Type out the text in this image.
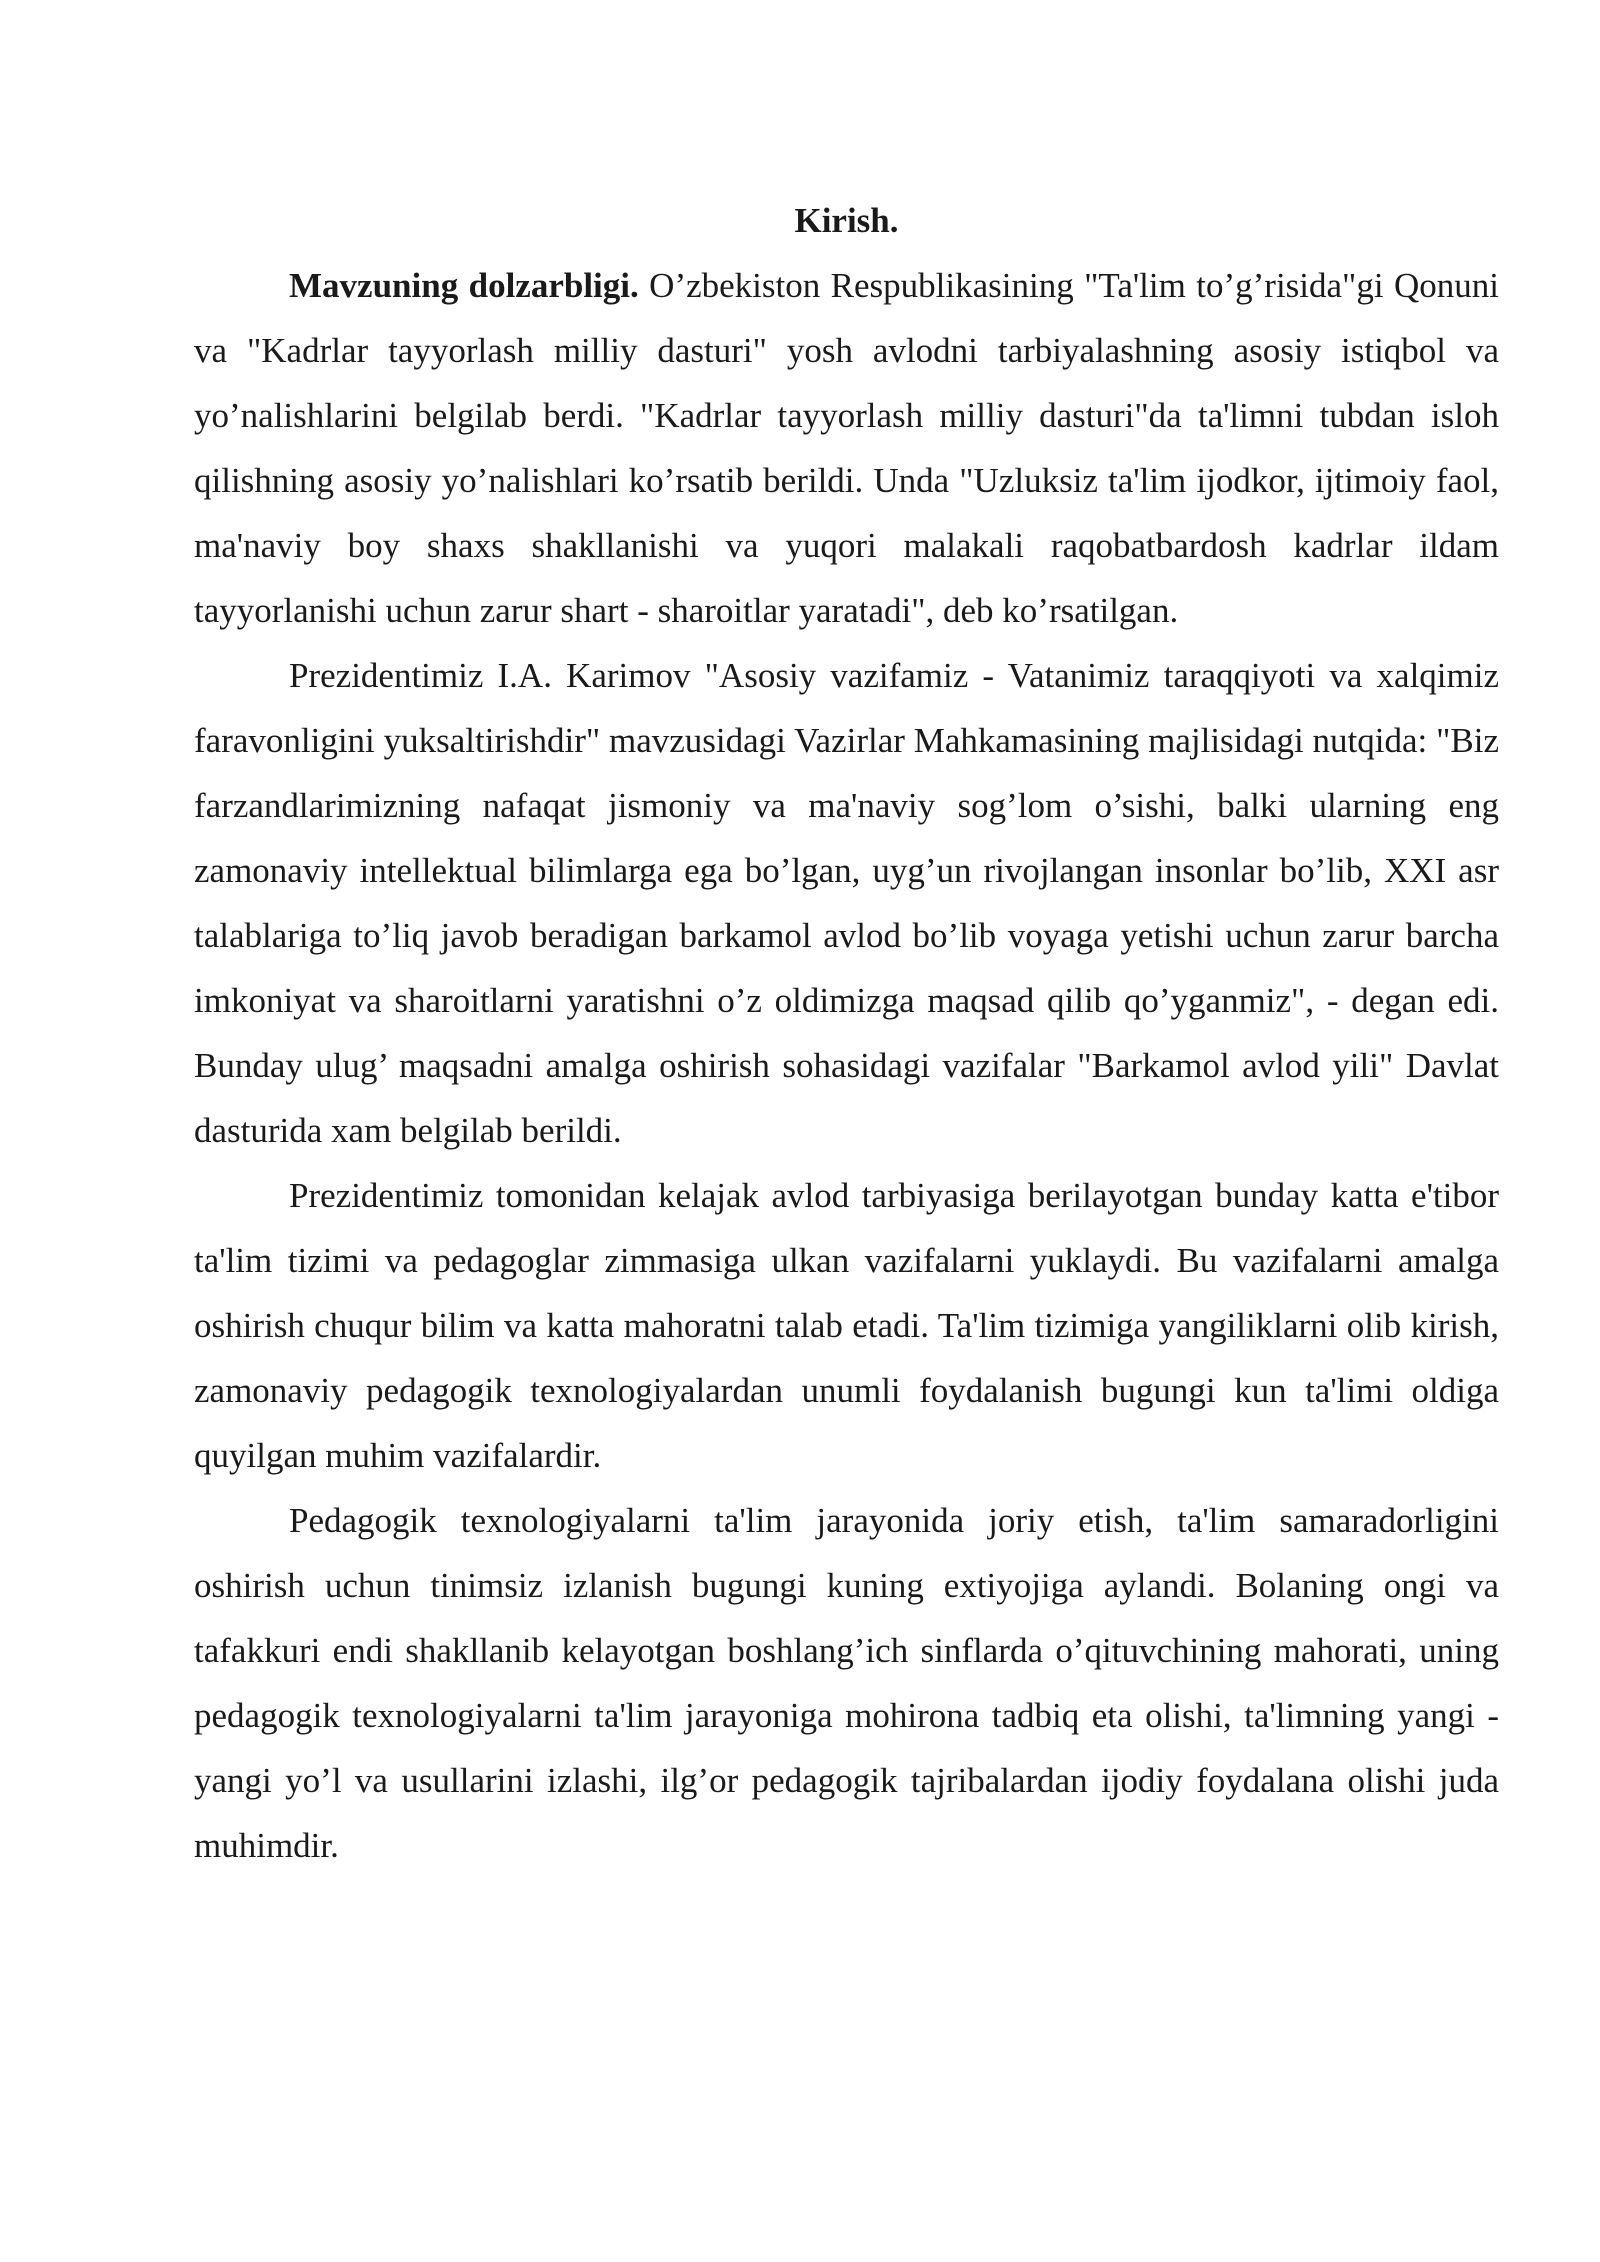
Kirish.

Mavzuning dolzarbligi. O’zbekiston Respublikasining "Ta'lim to’g’risida"gi Qonuni va "Kadrlar tayyorlash milliy dasturi" yosh avlodni tarbiyalashning asosiy istiqbol va yo’nalishlarini belgilab berdi. "Kadrlar tayyorlash milliy dasturi"da ta'limni tubdan isloh qilishning asosiy yo’nalishlari ko’rsatib berildi. Unda "Uzluksiz ta'lim ijodkor, ijtimoiy faol, ma'naviy boy shaxs shakllanishi va yuqori malakali raqobatbardosh kadrlar ildam tayyorlanishi uchun zarur shart - sharoitlar yaratadi", deb ko’rsatilgan.

Prezidentimiz I.A. Karimov "Asosiy vazifamiz - Vatanimiz taraqqiyoti va xalqimiz faravonligini yuksaltirishdir" mavzusidagi Vazirlar Mahkamasining majlisidagi nutqida: "Biz farzandlarimizning nafaqat jismoniy va ma'naviy sog’lom o’sishi, balki ularning eng zamonaviy intellektual bilimlarga ega bo’lgan, uyg’un rivojlangan insonlar bo’lib, XXI asr talablariga to’liq javob beradigan barkamol avlod bo’lib voyaga yetishi uchun zarur barcha imkoniyat va sharoitlarni yaratishni o’z oldimizga maqsad qilib qo’yganmiz", - degan edi. Bunday ulug’ maqsadni amalga oshirish sohasidagi vazifalar "Barkamol avlod yili" Davlat dasturida xam belgilab berildi.

Prezidentimiz tomonidan kelajak avlod tarbiyasiga berilayotgan bunday katta e'tibor ta'lim tizimi va pedagoglar zimmasiga ulkan vazifalarni yuklaydi. Bu vazifalarni amalga oshirish chuqur bilim va katta mahoratni talab etadi. Ta'lim tizimiga yangiliklarni olib kirish, zamonaviy pedagogik texnologiyalardan unumli foydalanish bugungi kun ta'limi oldiga quyilgan muhim vazifalardir.

Pedagogik texnologiyalarni ta'lim jarayonida joriy etish, ta'lim samaradorligini oshirish uchun tinimsiz izlanish bugungi kuning extiyojiga aylandi. Bolaning ongi va tafakkuri endi shakllanib kelayotgan boshlang’ich sinflarda o’qituvchining mahorati, uning pedagogik texnologiyalarni ta'lim jarayoniga mohirona tadbiq eta olishi, ta'limning yangi - yangi yo’l va usullarini izlashi, ilg’or pedagogik tajribalardan ijodiy foydalana olishi juda muhimdir.
